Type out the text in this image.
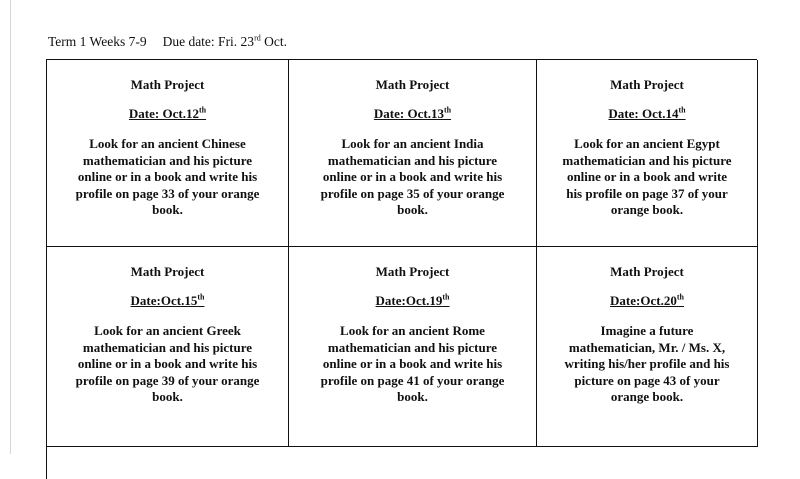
Term 1 Weeks 7-9 Due date: Fri. 23rd Oct.
Math Project
Date: Oct.12th
Look for an ancient Chinese
mathematician and his picture
online or in a book and write his
profile on page 33 of your orange
book.
Math Project
Date: Oct.13th
Look for an ancient India
mathematician and his picture
online or in a book and write his
profile on page 35 of your orange
book.
Math Project
Date: Oct.14th
Look for an ancient Egypt
mathematician and his picture
online or in a book and write
his profile on page 37 of your
orange book.
Math Project
Date:Oct.15th
Look for an ancient Greek
mathematician and his picture
online or in a book and write his
profile on page 39 of your orange
book.
Math Project
Date:Oct.19th
Look for an ancient Rome
mathematician and his picture
online or in a book and write his
profile on page 41 of your orange
book.
Math Project
Date:Oct.20th
Imagine a future
mathematician, Mr. / Ms. X,
writing his/her profile and his
picture on page 43 of your
orange book.
